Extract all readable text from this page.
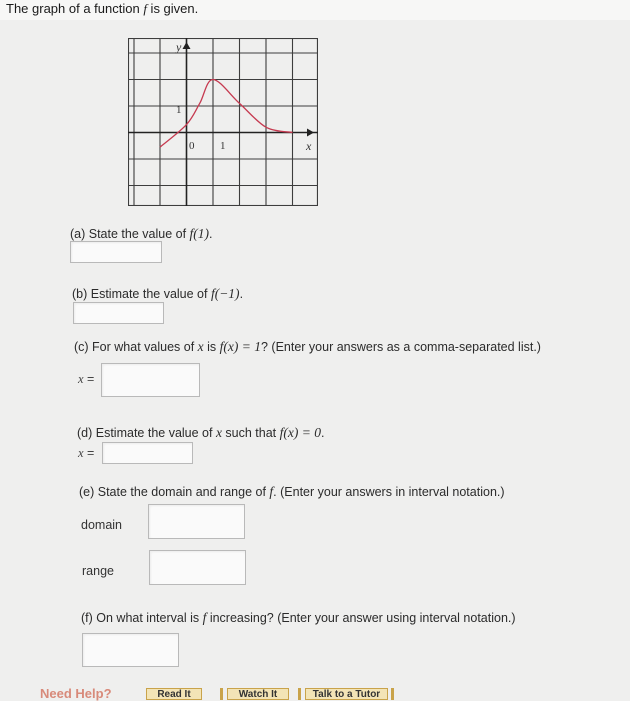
The graph of a function f is given.
y
x
1
0 1
(a) State the value of f(1).
(b) Estimate the value of f(−1).
(c) For what values of x is f(x) = 1? (Enter your answers as a comma-separated list.)
x =
(d) Estimate the value of x such that f(x) = 0.
x =
(e) State the domain and range of f. (Enter your answers in interval notation.)
domain
range
(f) On what interval is f increasing? (Enter your answer using interval notation.)
Need Help?	Read It	Watch It	Talk to a Tutor
